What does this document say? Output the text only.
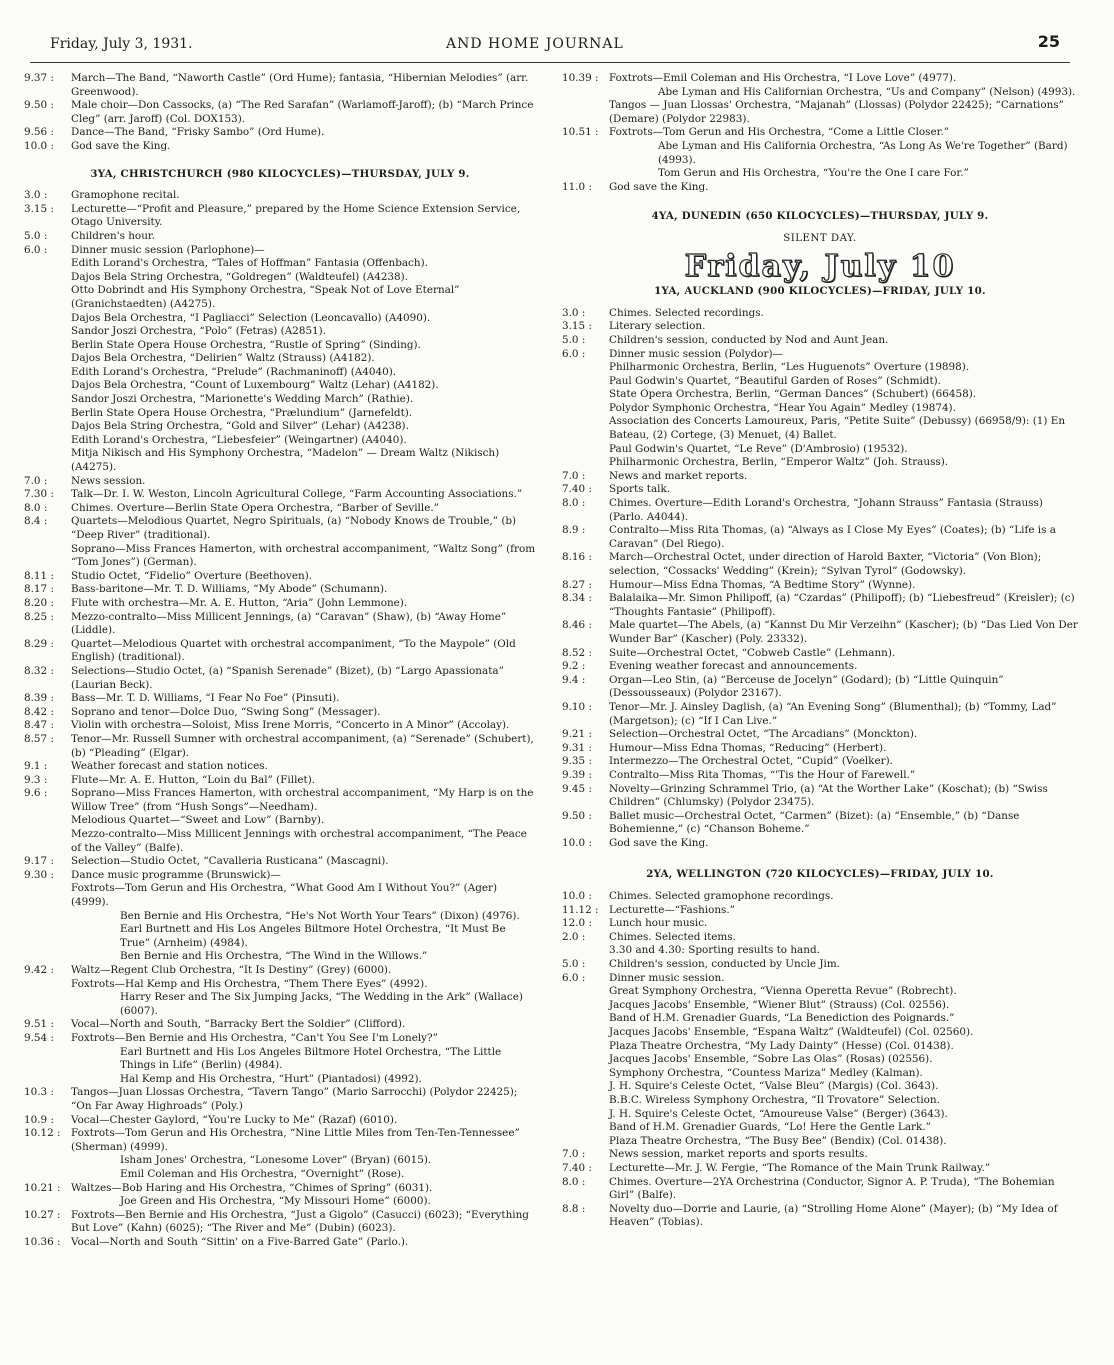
Friday, July 3, 1931.	AND HOME JOURNAL	25
9.37 :	March—The Band, “Naworth Castle” (Ord Hume); fantasia, “Hibernian Melodies” (arr. Greenwood).
9.50 :	Male choir—Don Cassocks, (a) “The Red Sarafan” (Warlamoff-Jaroff); (b) “March Prince Cleg” (arr. Jaroff) (Col. DOX153).
9.56 :	Dance—The Band, “Frisky Sambo” (Ord Hume).
10.0 :	God save the King.
3YA, CHRISTCHURCH (980 KILOCYCLES)—THURSDAY, JULY 9.
3.0 :	Gramophone recital.
3.15 :	Lecturette—“Profit and Pleasure,” prepared by the Home Science Extension Service, Otago University.
5.0 :	Children's hour.
6.0 :	Dinner music session (Parlophone)—
Edith Lorand's Orchestra, “Tales of Hoffman” Fantasia (Offenbach).
Dajos Bela String Orchestra, “Goldregen” (Waldteufel) (A4238).
Otto Dobrindt and His Symphony Orchestra, “Speak Not of Love Eternal” (Granichstaedten) (A4275).
Dajos Bela Orchestra, “I Pagliacci” Selection (Leoncavallo) (A4090).
Sandor Joszi Orchestra, “Polo” (Fetras) (A2851).
Berlin State Opera House Orchestra, “Rustle of Spring” (Sinding).
Dajos Bela Orchestra, “Delirien” Waltz (Strauss) (A4182).
Edith Lorand's Orchestra, “Prelude” (Rachmaninoff) (A4040).
Dajos Bela Orchestra, “Count of Luxembourg” Waltz (Lehar) (A4182).
Sandor Joszi Orchestra, “Marionette's Wedding March” (Rathie).
Berlin State Opera House Orchestra, “Prælundium” (Jarnefeldt).
Dajos Bela String Orchestra, “Gold and Silver” (Lehar) (A4238).
Edith Lorand's Orchestra, “Liebesfeier” (Weingartner) (A4040).
Mitja Nikisch and His Symphony Orchestra, “Madelon” — Dream Waltz (Nikisch) (A4275).
7.0 :	News session.
7.30 :	Talk—Dr. I. W. Weston, Lincoln Agricultural College, “Farm Accounting Associations.”
8.0 :	Chimes. Overture—Berlin State Opera Orchestra, “Barber of Seville.”
8.4 :	Quartets—Melodious Quartet, Negro Spirituals, (a) “Nobody Knows de Trouble,” (b) “Deep River” (traditional).
Soprano—Miss Frances Hamerton, with orchestral accompaniment, “Waltz Song” (from “Tom Jones”) (German).
8.11 :	Studio Octet, “Fidelio” Overture (Beethoven).
8.17 :	Bass-baritone—Mr. T. D. Williams, “My Abode” (Schumann).
8.20 :	Flute with orchestra—Mr. A. E. Hutton, “Aria” (John Lemmone).
8.25 :	Mezzo-contralto—Miss Millicent Jennings, (a) “Caravan” (Shaw), (b) “Away Home” (Liddle).
8.29 :	Quartet—Melodious Quartet with orchestral accompaniment, “To the Maypole” (Old English) (traditional).
8.32 :	Selections—Studio Octet, (a) “Spanish Serenade” (Bizet), (b) “Largo Apassionata” (Laurian Beck).
8.39 :	Bass—Mr. T. D. Williams, “I Fear No Foe” (Pinsuti).
8.42 :	Soprano and tenor—Dolce Duo, “Swing Song” (Messager).
8.47 :	Violin with orchestra—Soloist, Miss Irene Morris, “Concerto in A Minor” (Accolay).
8.57 :	Tenor—Mr. Russell Sumner with orchestral accompaniment, (a) “Serenade” (Schubert), (b) “Pleading” (Elgar).
9.1 :	Weather forecast and station notices.
9.3 :	Flute—Mr. A. E. Hutton, “Loin du Bal” (Fillet).
9.6 :	Soprano—Miss Frances Hamerton, with orchestral accompaniment, “My Harp is on the Willow Tree” (from “Hush Songs”—Needham).
Melodious Quartet—“Sweet and Low” (Barnby).
Mezzo-contralto—Miss Millicent Jennings with orchestral accompaniment, “The Peace of the Valley” (Balfe).
9.17 :	Selection—Studio Octet, “Cavalleria Rusticana” (Mascagni).
9.30 :	Dance music programme (Brunswick)—
Foxtrots—Tom Gerun and His Orchestra, “What Good Am I Without You?” (Ager) (4999).
Ben Bernie and His Orchestra, “He's Not Worth Your Tears” (Dixon) (4976).
Earl Burtnett and His Los Angeles Biltmore Hotel Orchestra, “It Must Be True” (Arnheim) (4984).
Ben Bernie and His Orchestra, “The Wind in the Willows.”
9.42 :	Waltz—Regent Club Orchestra, “It Is Destiny” (Grey) (6000).
Foxtrots—Hal Kemp and His Orchestra, “Them There Eyes” (4992).
Harry Reser and The Six Jumping Jacks, “The Wedding in the Ark” (Wallace) (6007).
9.51 :	Vocal—North and South, “Barracky Bert the Soldier” (Clifford).
9.54 :	Foxtrots—Ben Bernie and His Orchestra, “Can't You See I'm Lonely?”
Earl Burtnett and His Los Angeles Biltmore Hotel Orchestra, “The Little Things in Life” (Berlin) (4984).
Hal Kemp and His Orchestra, “Hurt” (Piantadosi) (4992).
10.3 :	Tangos—Juan Llossas Orchestra, “Tavern Tango” (Mario Sarrocchi) (Polydor 22425); “On Far Away Highroads” (Poly.)
10.9 :	Vocal—Chester Gaylord, “You're Lucky to Me” (Razaf) (6010).
10.12 :	Foxtrots—Tom Gerun and His Orchestra, “Nine Little Miles from Ten-Ten-Tennessee” (Sherman) (4999).
Isham Jones' Orchestra, “Lonesome Lover” (Bryan) (6015).
Emil Coleman and His Orchestra, “Overnight” (Rose).
10.21 :	Waltzes—Bob Haring and His Orchestra, “Chimes of Spring” (6031).
Joe Green and His Orchestra, “My Missouri Home” (6000).
10.27 :	Foxtrots—Ben Bernie and His Orchestra, “Just a Gigolo” (Casucci) (6023); “Everything But Love” (Kahn) (6025); “The River and Me” (Dubin) (6023).
10.36 :	Vocal—North and South “Sittin' on a Five-Barred Gate” (Parlo.).
10.39 :	Foxtrots—Emil Coleman and His Orchestra, “I Love Love” (4977).
Abe Lyman and His Californian Orchestra, “Us and Company” (Nelson) (4993).
Tangos — Juan Llossas' Orchestra, “Majanah” (Llossas) (Polydor 22425); “Carnations” (Demare) (Polydor 22983).
10.51 :	Foxtrots—Tom Gerun and His Orchestra, “Come a Little Closer.”
Abe Lyman and His California Orchestra, “As Long As We're Together” (Bard) (4993).
Tom Gerun and His Orchestra, “You're the One I care For.”
11.0 :	God save the King.
4YA, DUNEDIN (650 KILOCYCLES)—THURSDAY, JULY 9.
SILENT DAY.
Friday, July 10
1YA, AUCKLAND (900 KILOCYCLES)—FRIDAY, JULY 10.
3.0 :	Chimes. Selected recordings.
3.15 :	Literary selection.
5.0 :	Children's session, conducted by Nod and Aunt Jean.
6.0 :	Dinner music session (Polydor)—
Philharmonic Orchestra, Berlin, “Les Huguenots” Overture (19898).
Paul Godwin's Quartet, “Beautiful Garden of Roses” (Schmidt).
State Opera Orchestra, Berlin, “German Dances” (Schubert) (66458).
Polydor Symphonic Orchestra, “Hear You Again” Medley (19874).
Association des Concerts Lamoureux, Paris, “Petite Suite” (Debussy) (66958/9): (1) En Bateau, (2) Cortege, (3) Menuet, (4) Ballet.
Paul Godwin's Quartet, “Le Reve” (D'Ambrosio) (19532).
Philharmonic Orchestra, Berlin, “Emperor Waltz” (Joh. Strauss).
7.0 :	News and market reports.
7.40 :	Sports talk.
8.0 :	Chimes. Overture—Edith Lorand's Orchestra, “Johann Strauss” Fantasia (Strauss) (Parlo. A4044).
8.9 :	Contralto—Miss Rita Thomas, (a) “Always as I Close My Eyes” (Coates); (b) “Life is a Caravan” (Del Riego).
8.16 :	March—Orchestral Octet, under direction of Harold Baxter, “Victoria” (Von Blon); selection, “Cossacks' Wedding” (Krein); “Sylvan Tyrol” (Godowsky).
8.27 :	Humour—Miss Edna Thomas, “A Bedtime Story” (Wynne).
8.34 :	Balalaika—Mr. Simon Philipoff, (a) “Czardas” (Philipoff); (b) “Liebesfreud” (Kreisler); (c) “Thoughts Fantasie” (Philipoff).
8.46 :	Male quartet—The Abels, (a) “Kannst Du Mir Verzeihn” (Kascher); (b) “Das Lied Von Der Wunder Bar” (Kascher) (Poly. 23332).
8.52 :	Suite—Orchestral Octet, “Cobweb Castle” (Lehmann).
9.2 :	Evening weather forecast and announcements.
9.4 :	Organ—Leo Stin, (a) “Berceuse de Jocelyn” (Godard); (b) “Little Quinquin” (Dessousseaux) (Polydor 23167).
9.10 :	Tenor—Mr. J. Ainsley Daglish, (a) “An Evening Song” (Blumenthal); (b) “Tommy, Lad” (Margetson); (c) “If I Can Live.”
9.21 :	Selection—Orchestral Octet, “The Arcadians” (Monckton).
9.31 :	Humour—Miss Edna Thomas, “Reducing” (Herbert).
9.35 :	Intermezzo—The Orchestral Octet, “Cupid” (Voelker).
9.39 :	Contralto—Miss Rita Thomas, “'Tis the Hour of Farewell.”
9.45 :	Novelty—Grinzing Schrammel Trio, (a) “At the Worther Lake” (Koschat); (b) “Swiss Children” (Chlumsky) (Polydor 23475).
9.50 :	Ballet music—Orchestral Octet, “Carmen” (Bizet): (a) “Ensemble,” (b) “Danse Bohemienne,” (c) “Chanson Boheme.”
10.0 :	God save the King.
2YA, WELLINGTON (720 KILOCYCLES)—FRIDAY, JULY 10.
10.0 :	Chimes. Selected gramophone recordings.
11.12 :	Lecturette—“Fashions.”
12.0 :	Lunch hour music.
2.0 :	Chimes. Selected items.
3.30 and 4.30: Sporting results to hand.
5.0 :	Children's session, conducted by Uncle Jim.
6.0 :	Dinner music session.
Great Symphony Orchestra, “Vienna Operetta Revue” (Robrecht).
Jacques Jacobs' Ensemble, “Wiener Blut” (Strauss) (Col. 02556).
Band of H.M. Grenadier Guards, “La Benediction des Poignards.”
Jacques Jacobs' Ensemble, “Espana Waltz” (Waldteufel) (Col. 02560).
Plaza Theatre Orchestra, “My Lady Dainty” (Hesse) (Col. 01438).
Jacques Jacobs' Ensemble, “Sobre Las Olas” (Rosas) (02556).
Symphony Orchestra, “Countess Mariza” Medley (Kalman).
J. H. Squire's Celeste Octet, “Valse Bleu” (Margis) (Col. 3643).
B.B.C. Wireless Symphony Orchestra, “Il Trovatore” Selection.
J. H. Squire's Celeste Octet, “Amoureuse Valse” (Berger) (3643).
Band of H.M. Grenadier Guards, “Lo! Here the Gentle Lark.”
Plaza Theatre Orchestra, “The Busy Bee” (Bendix) (Col. 01438).
7.0 :	News session, market reports and sports results.
7.40 :	Lecturette—Mr. J. W. Fergie, “The Romance of the Main Trunk Railway.”
8.0 :	Chimes. Overture—2YA Orchestrina (Conductor, Signor A. P. Truda), “The Bohemian Girl” (Balfe).
8.8 :	Novelty duo—Dorrie and Laurie, (a) “Strolling Home Alone” (Mayer); (b) “My Idea of Heaven” (Tobias).
